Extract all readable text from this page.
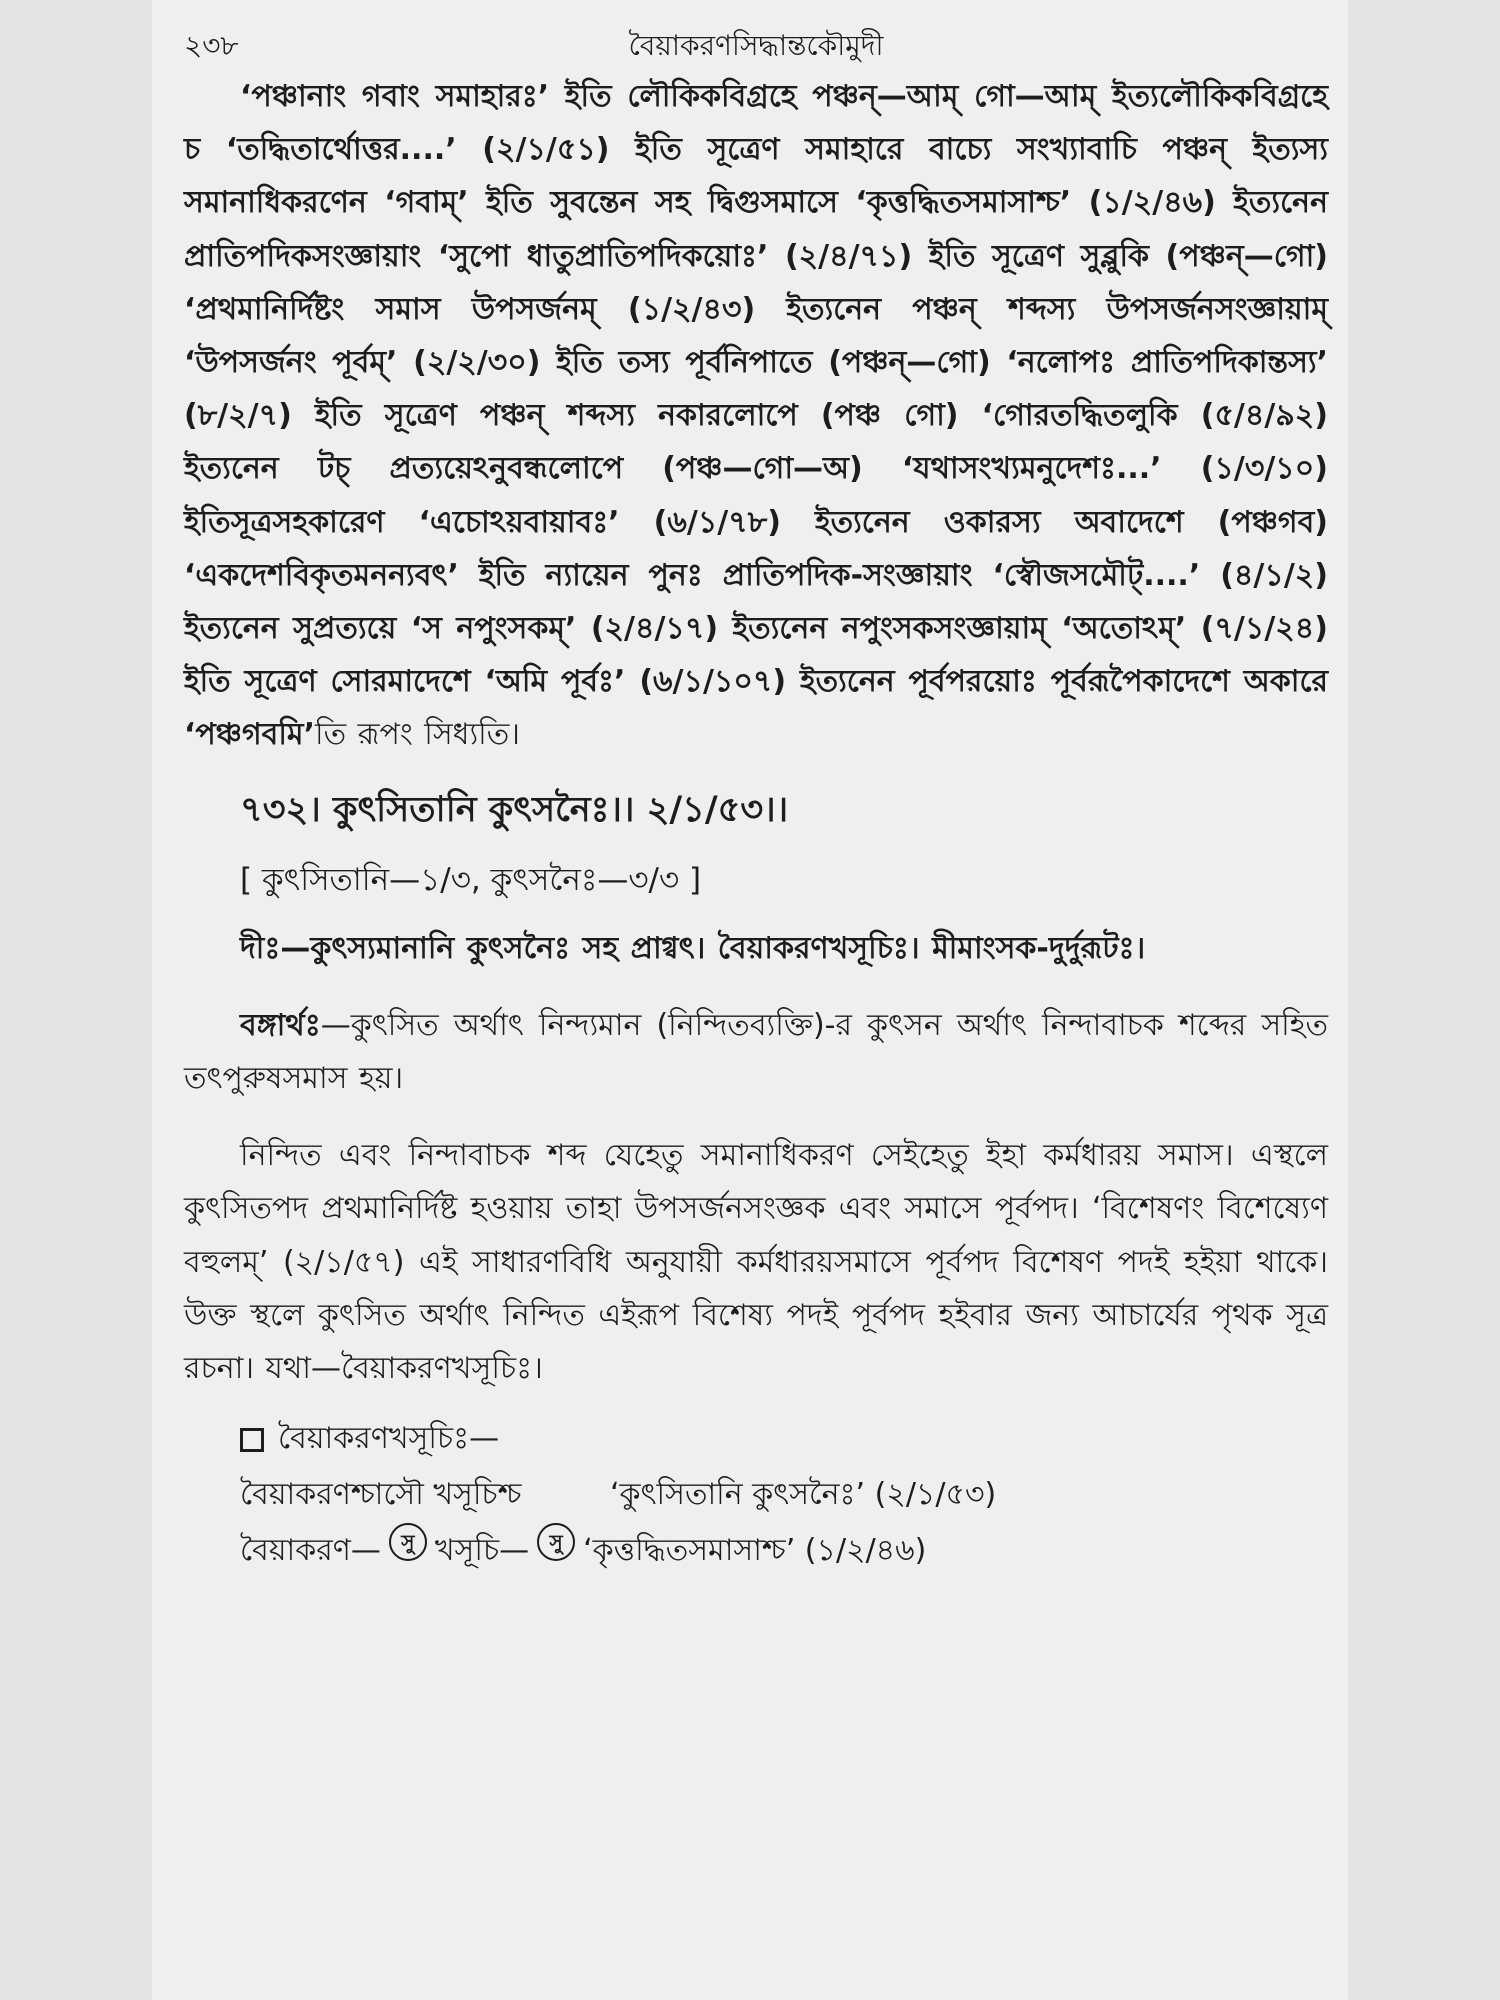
২৩৮	বৈয়াকরণসিদ্ধান্তকৌমুদী

‘পঞ্চানাং গবাং সমাহারঃ’ ইতি লৌকিকবিগ্রহে পঞ্চন্—আম্ গো—আম্ ইত্যলৌকিকবিগ্রহে চ ‘তদ্ধিতার্থোত্তর....’ (২/১/৫১) ইতি সূত্রেণ সমাহারে বাচ্যে সংখ্যাবাচি পঞ্চন্ ইত্যস্য সমানাধিকরণেন ‘গবাম্’ ইতি সুবন্তেন সহ দ্বিগুসমাসে ‘কৃত্তদ্ধিতসমাসাশ্চ’ (১/২/৪৬) ইত্যনেন প্রাতিপদিকসংজ্ঞায়াং ‘সুপো ধাতুপ্রাতিপদিকয়োঃ’ (২/৪/৭১) ইতি সূত্রেণ সুব্লুকি (পঞ্চন্—গো) ‘প্রথমানির্দিষ্টং সমাস উপসর্জনম্ (১/২/৪৩) ইত্যনেন পঞ্চন্ শব্দস্য উপসর্জনসংজ্ঞায়াম্ ‘উপসর্জনং পূর্বম্’ (২/২/৩০) ইতি তস্য পূর্বনিপাতে (পঞ্চন্—গো) ‘নলোপঃ প্রাতিপদিকান্তস্য’ (৮/২/৭) ইতি সূত্রেণ পঞ্চন্ শব্দস্য নকারলোপে (পঞ্চ গো) ‘গোরতদ্ধিতলুকি (৫/৪/৯২) ইত্যনেন টচ্ প্রত্যয়েঽনুবন্ধলোপে (পঞ্চ—গো—অ) ‘যথাসংখ্যমনুদেশঃ...’ (১/৩/১০) ইতিসূত্রসহকারেণ ‘এচোঽয়বায়াবঃ’ (৬/১/৭৮) ইত্যনেন ওকারস্য অবাদেশে (পঞ্চগব) ‘একদেশবিকৃতমনন্যবৎ’ ইতি ন্যায়েন পুনঃ প্রাতিপদিক-সংজ্ঞায়াং ‘স্বৌজসমৌট্....’ (৪/১/২) ইত্যনেন সুপ্রত্যয়ে ‘স নপুংসকম্’ (২/৪/১৭) ইত্যনেন নপুংসকসংজ্ঞায়াম্ ‘অতোঽম্’ (৭/১/২৪) ইতি সূত্রেণ সোরমাদেশে ‘অমি পূর্বঃ’ (৬/১/১০৭) ইত্যনেন পূর্বপরয়োঃ পূর্বরূপৈকাদেশে অকারে ‘পঞ্চগবমি’তি রূপং সিধ্যতি।

৭৩২। কুৎসিতানি কুৎসনৈঃ।। ২/১/৫৩।।

[ কুৎসিতানি—১/৩, কুৎসনৈঃ—৩/৩ ]

দীঃ—কুৎস্যমানানি কুৎসনৈঃ সহ প্রাগ্বৎ। বৈয়াকরণখসূচিঃ। মীমাংসক-দুর্দুরূটঃ।

বঙ্গার্থঃ—কুৎসিত অর্থাৎ নিন্দ্যমান (নিন্দিতব্যক্তি)-র কুৎসন অর্থাৎ নিন্দাবাচক শব্দের সহিত তৎপুরুষসমাস হয়।

নিন্দিত এবং নিন্দাবাচক শব্দ যেহেতু সমানাধিকরণ সেইহেতু ইহা কর্মধারয় সমাস। এস্থলে কুৎসিতপদ প্রথমানির্দিষ্ট হওয়ায় তাহা উপসর্জনসংজ্ঞক এবং সমাসে পূর্বপদ। ‘বিশেষণং বিশেষ্যেণ বহুলম্’ (২/১/৫৭) এই সাধারণবিধি অনুযায়ী কর্মধারয়সমাসে পূর্বপদ বিশেষণ পদই হইয়া থাকে। উক্ত স্থলে কুৎসিত অর্থাৎ নিন্দিত এইরূপ বিশেষ্য পদই পূর্বপদ হইবার জন্য আচার্যের পৃথক সূত্র রচনা। যথা—বৈয়াকরণখসূচিঃ।

বৈয়াকরণখসূচিঃ—

বৈয়াকরণশ্চাসৌ খসূচিশ্চ	‘কুৎসিতানি কুৎসনৈঃ’ (২/১/৫৩)
বৈয়াকরণ—	সু খসূচি—	সু ‘কৃত্তদ্ধিতসমাসাশ্চ’ (১/২/৪৬)
